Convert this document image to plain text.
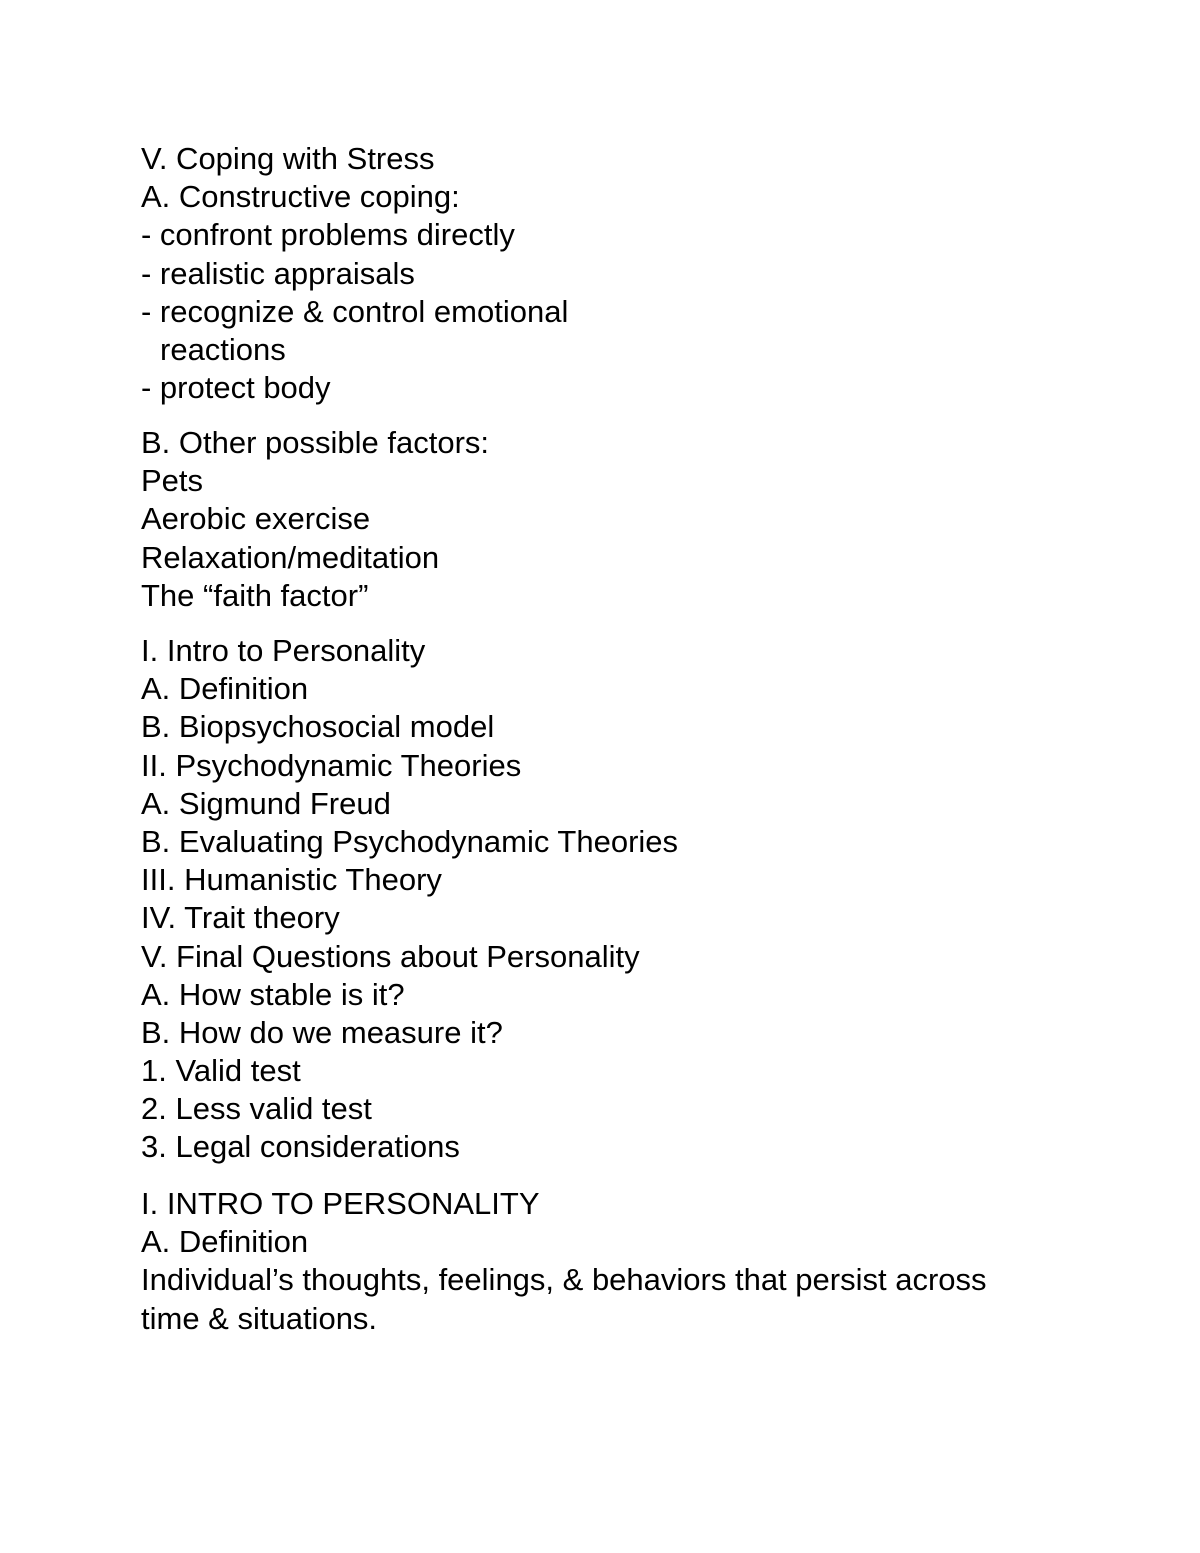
V. Coping with Stress
A. Constructive coping:
- confront problems directly
- realistic appraisals
- recognize & control emotional
reactions
- protect body
B. Other possible factors:
Pets
Aerobic exercise
Relaxation/meditation
The “faith factor”
I. Intro to Personality
A. Definition
B. Biopsychosocial model
II. Psychodynamic Theories
A. Sigmund Freud
B. Evaluating Psychodynamic Theories
III. Humanistic Theory
IV. Trait theory
V. Final Questions about Personality
A. How stable is it?
B. How do we measure it?
1. Valid test
2. Less valid test
3. Legal considerations
I. INTRO TO PERSONALITY
A. Definition
Individual’s thoughts, feelings, & behaviors that persist across
time & situations.
